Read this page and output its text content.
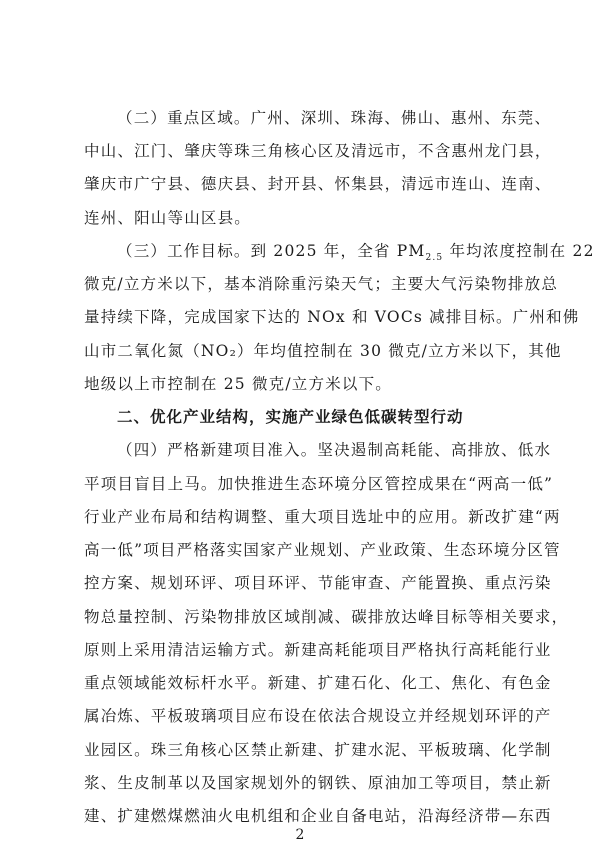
（二）重点区域。广州、深圳、珠海、佛山、惠州、东莞、
中山、江门、肇庆等珠三角核心区及清远市，不含惠州龙门县，
肇庆市广宁县、德庆县、封开县、怀集县，清远市连山、连南、
连州、阳山等山区县。
（三）工作目标。到 2025 年，全省 $PM_{2.5}$ 年均浓度控制在 22
微克/立方米以下，基本消除重污染天气；主要大气污染物排放总
量持续下降，完成国家下达的 NOx 和 VOCs 减排目标。广州和佛
山市二氧化氮（NO₂）年均值控制在 30 微克/立方米以下，其他
地级以上市控制在 25 微克/立方米以下。
二、优化产业结构，实施产业绿色低碳转型行动
（四）严格新建项目准入。坚决遏制高耗能、高排放、低水
平项目盲目上马。加快推进生态环境分区管控成果在“两高一低”
行业产业布局和结构调整、重大项目选址中的应用。新改扩建“两
高一低”项目严格落实国家产业规划、产业政策、生态环境分区管
控方案、规划环评、项目环评、节能审查、产能置换、重点污染
物总量控制、污染物排放区域削减、碳排放达峰目标等相关要求，
原则上采用清洁运输方式。新建高耗能项目严格执行高耗能行业
重点领域能效标杆水平。新建、扩建石化、化工、焦化、有色金
属冶炼、平板玻璃项目应布设在依法合规设立并经规划环评的产
业园区。珠三角核心区禁止新建、扩建水泥、平板玻璃、化学制
浆、生皮制革以及国家规划外的钢铁、原油加工等项目，禁止新
2
建、扩建燃煤燃油火电机组和企业自备电站，沿海经济带—东西
